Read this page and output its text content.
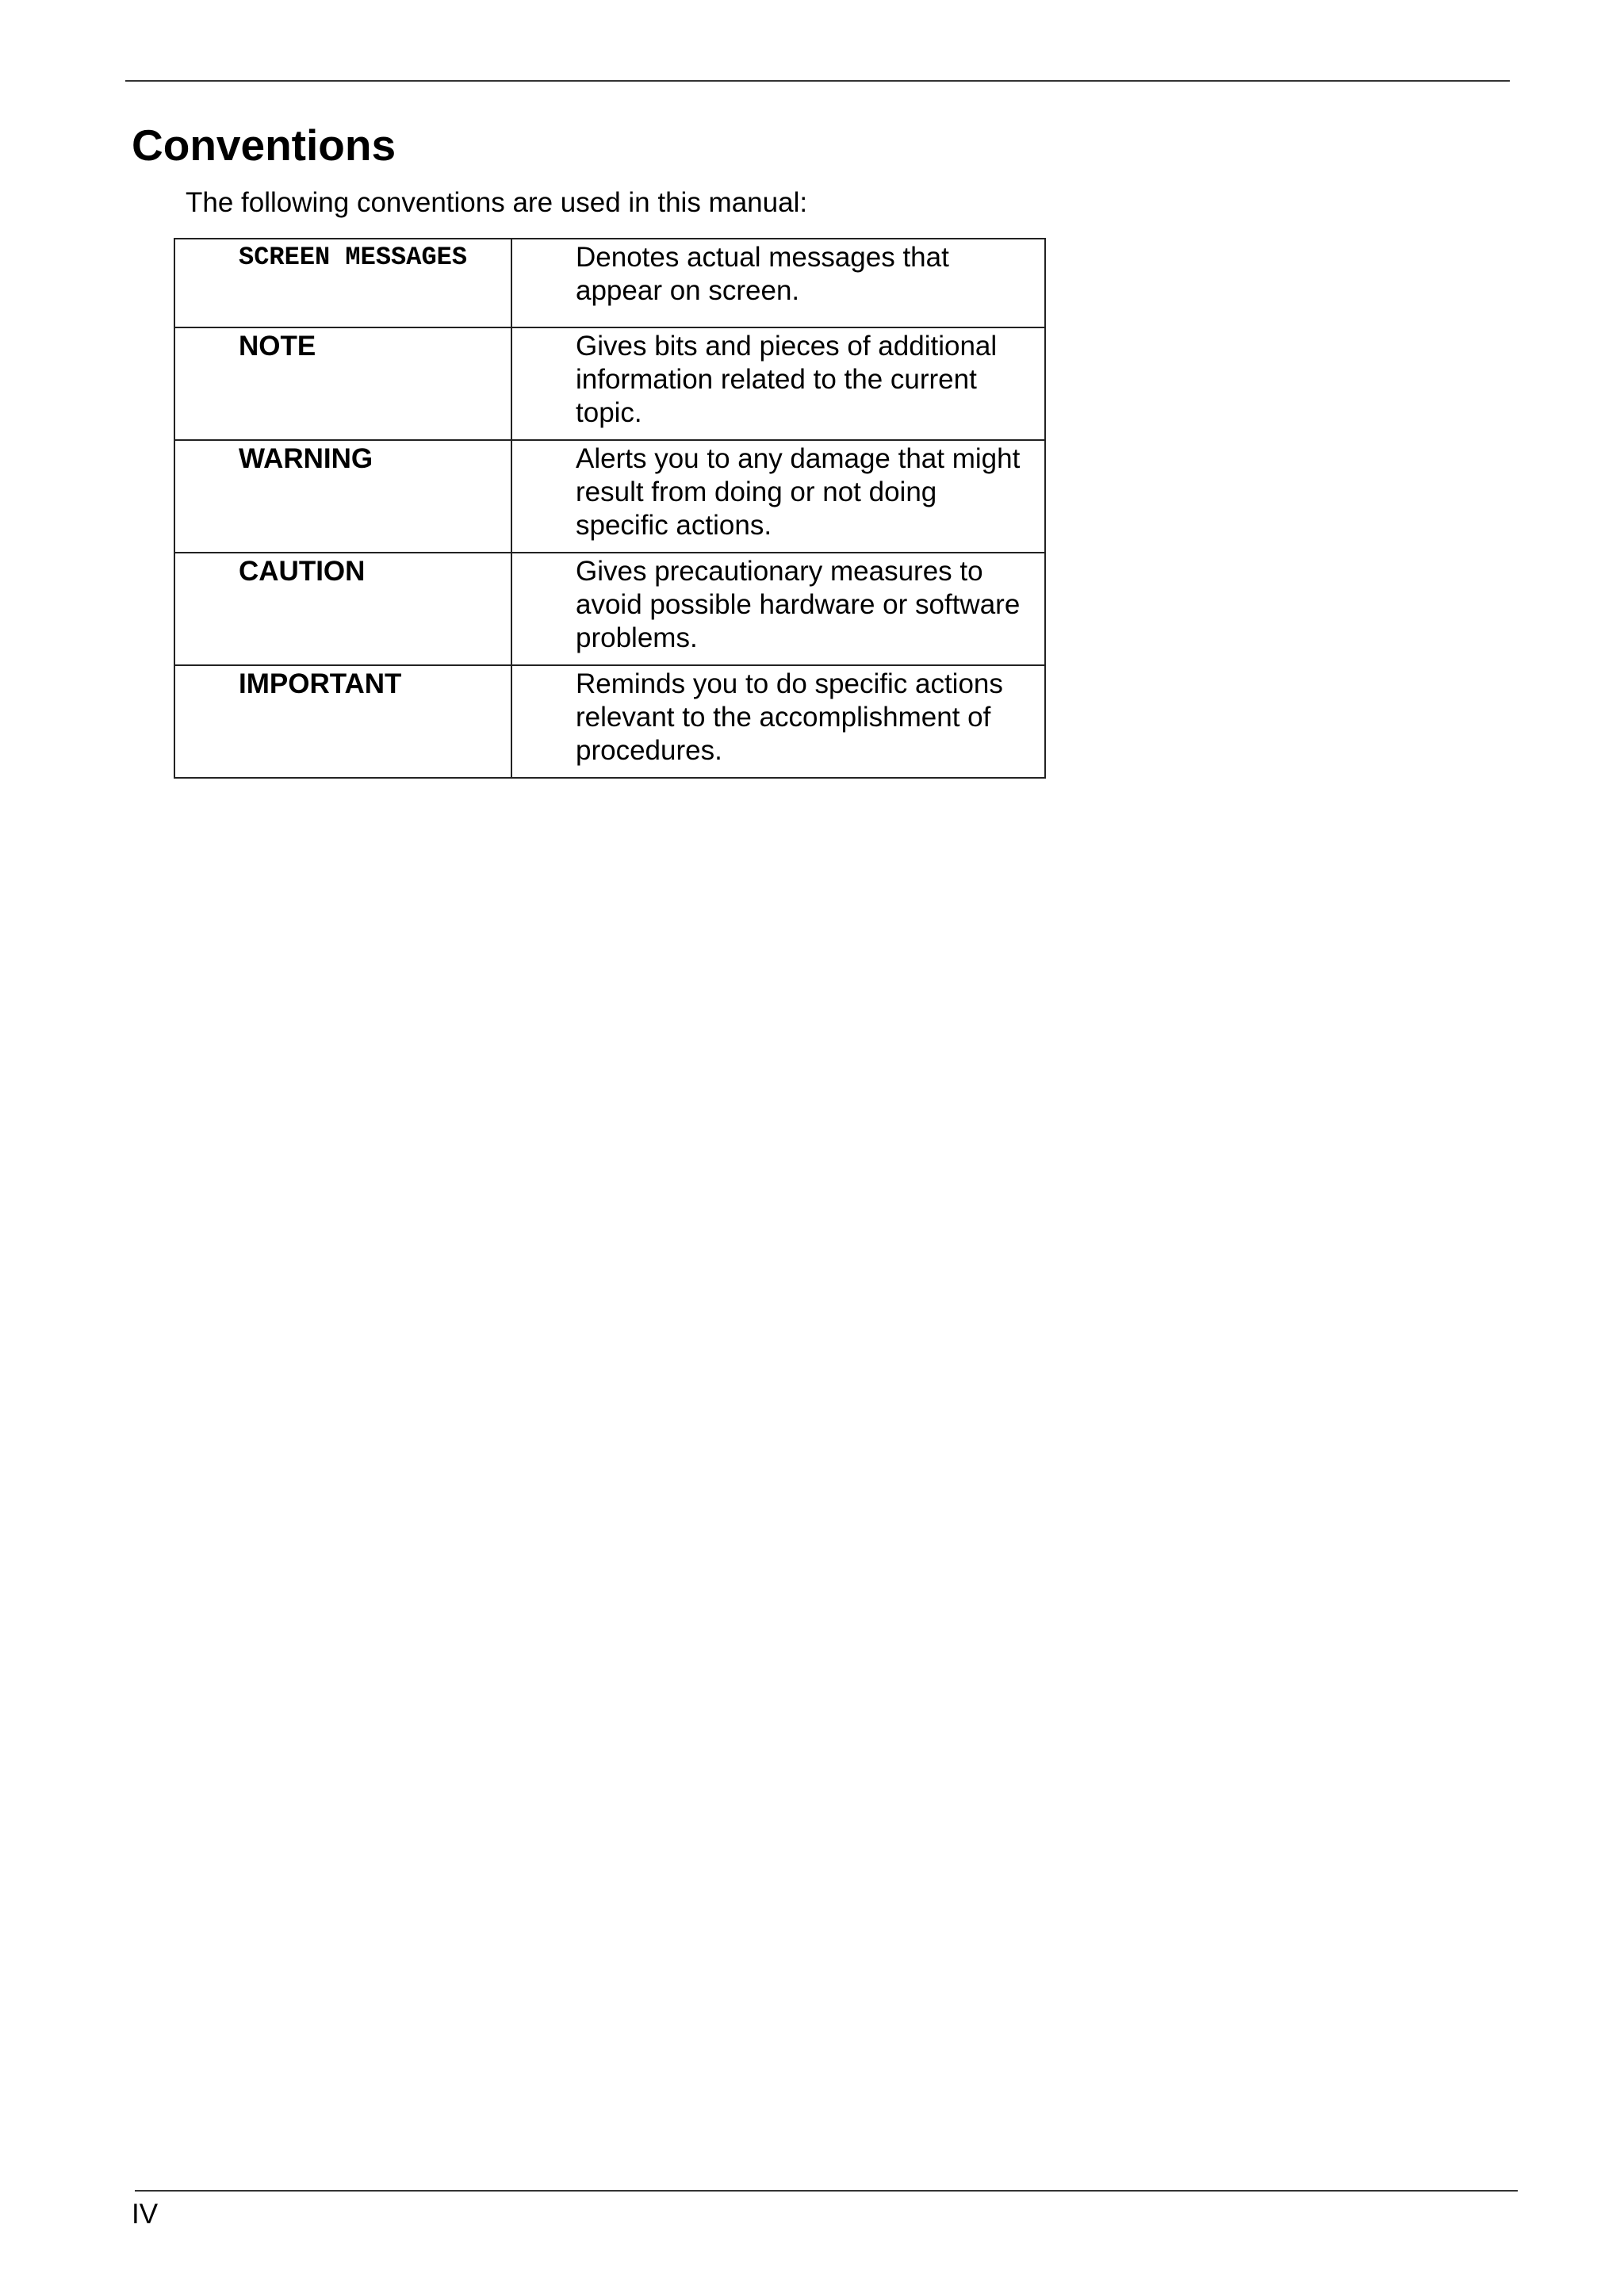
Conventions

The following conventions are used in this manual:

SCREEN MESSAGES	Denotes actual messages that appear on screen.
NOTE	Gives bits and pieces of additional information related to the current topic.
WARNING	Alerts you to any damage that might result from doing or not doing specific actions.
CAUTION	Gives precautionary measures to avoid possible hardware or software problems.
IMPORTANT	Reminds you to do specific actions relevant to the accomplishment of procedures.

IV
